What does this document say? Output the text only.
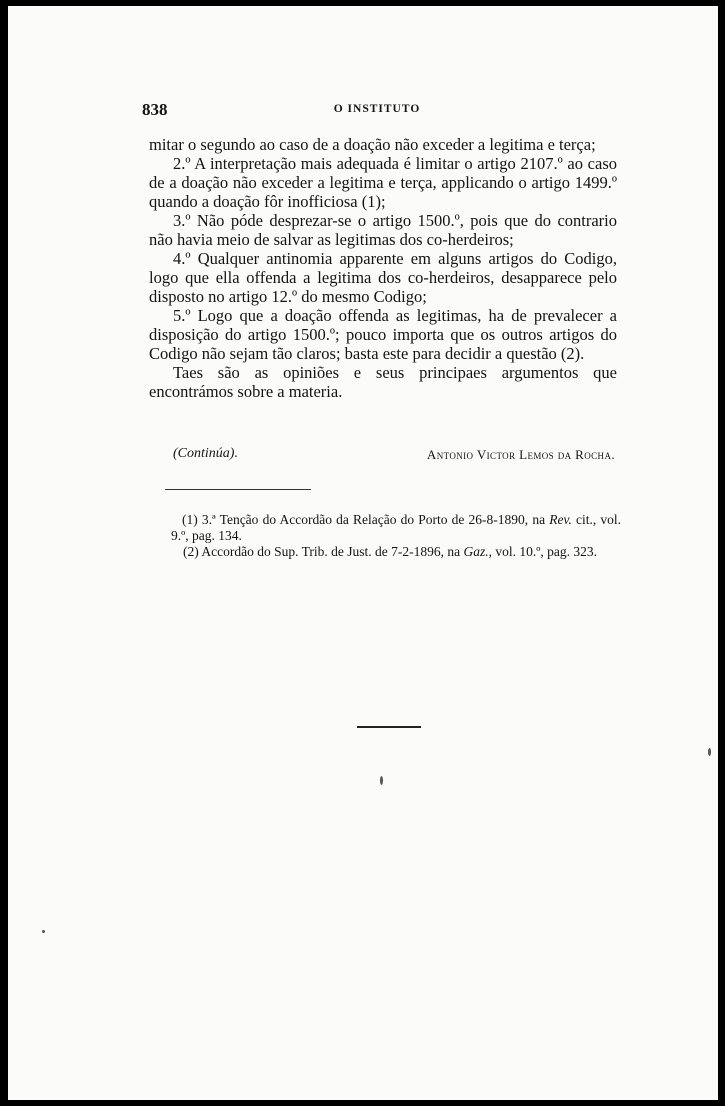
838	O INSTITUTO

mitar o segundo ao caso de a doação não exceder a legitima e terça;

2.º A interpretação mais adequada é limitar o artigo 2107.º ao caso de a doação não exceder a legitima e terça, applicando o artigo 1499.º quando a doação fôr inofficiosa (1);

3.º Não póde desprezar-se o artigo 1500.º, pois que do contrario não havia meio de salvar as legitimas dos co-herdeiros;

4.º Qualquer antinomia apparente em alguns artigos do Codigo, logo que ella offenda a legitima dos co-herdeiros, desapparece pelo disposto no artigo 12.º do mesmo Codigo;

5.º Logo que a doação offenda as legitimas, ha de prevalecer a disposição do artigo 1500.º; pouco importa que os outros artigos do Codigo não sejam tão claros; basta este para decidir a questão (2).

Taes são as opiniões e seus principaes argumentos que encontrámos sobre a materia.

(Continúa).	Antonio Victor Lemos da Rocha.

(1) 3.ª Tenção do Accordão da Relação do Porto de 26-8-1890, na Rev. cit., vol. 9.º, pag. 134.

(2) Accordão do Sup. Trib. de Just. de 7-2-1896, na Gaz., vol. 10.º, pag. 323.
